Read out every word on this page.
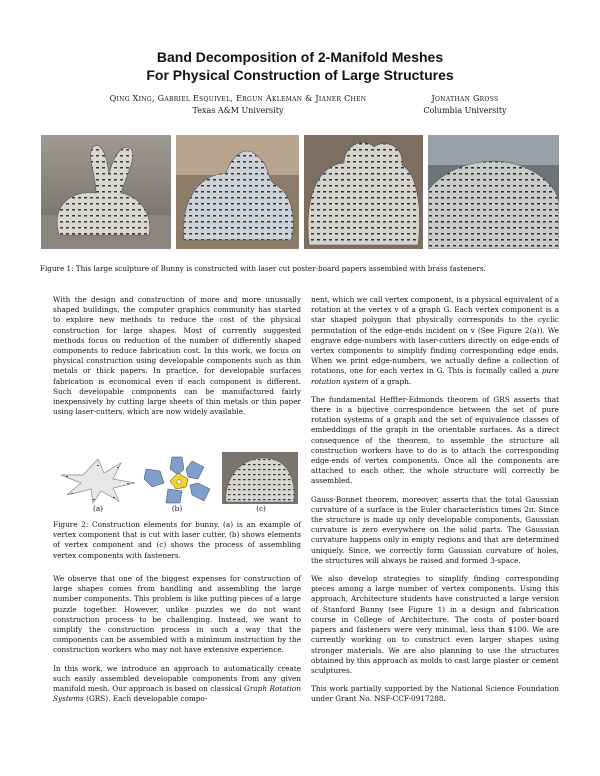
Band Decomposition of 2-Manifold Meshes
For Physical Construction of Large Structures
Qing Xing, Gabriel Esquivel, Ergun Akleman & Jianer Chen
Texas A&M University
Jonathan Gross
Columbia University
Figure 1: This large sculpture of Bunny is constructed with laser cut poster-board papers assembled with brass fasteners.

With the design and construction of more and more unusually shaped buildings, the computer graphics community has started to explore new methods to reduce the cost of the physical construction for large shapes. Most of currently suggested methods focus on reduction of the number of differently shaped components to reduce fabrication cost. In this work, we focus on physical construction using developable components such as thin metals or thick papers. In practice, for developable surfaces fabrication is economical even if each component is different. Such developable components can be manufactured fairly inexpensively by cutting large sheets of thin metals or thin paper using laser-cutters, which are now widely available.

(a)	(b)	(c)
Figure 2: Construction elements for bunny. (a) is an example of vertex component that is cut with laser cutter, (b) shows elements of vertex component and (c) shows the process of assembling vertex components with fasteners.

We observe that one of the biggest expenses for construction of large shapes comes from handling and assembling the large number components. This problem is like putting pieces of a large puzzle together. However, unlike puzzles we do not want construction process to be challenging. Instead, we want to simplify the construction process in such a way that the components can be assembled with a minimum instruction by the construction workers who may not have extensive experience.

In this work, we introduce an approach to automatically create such easily assembled developable components from any given manifold mesh. Our approach is based on classical Graph Rotation Systems (GRS). Each developable compo-

nent, which we call vertex component, is a physical equivalent of a rotation at the vertex v of a graph G. Each vertex component is a star shaped polygon that physically corresponds to the cyclic permutation of the edge-ends incident on v (See Figure 2(a)). We engrave edge-numbers with laser-cutters directly on edge-ends of vertex components to simplify finding corresponding edge ends. When we print edge-numbers, we actually define a collection of rotations, one for each vertex in G. This is formally called a pure rotation system of a graph.

The fundamental Heffter-Edmonds theorem of GRS asserts that there is a bijective correspondence between the set of pure rotation systems of a graph and the set of equivalence classes of embeddings of the graph in the orientable surfaces. As a direct consequence of the theorem, to assemble the structure all construction workers have to do is to attach the corresponding edge-ends of vertex components. Once all the components are attached to each other, the whole structure will correctly be assembled.

Gauss-Bonnet theorem, moreover, asserts that the total Gaussian curvature of a surface is the Euler characteristics times 2π. Since the structure is made up only developable components, Gaussian curvature is zero everywhere on the solid parts. The Gaussian curvature happens only in empty regions and that are determined uniquely. Since, we correctly form Gaussian curvature of holes, the structures will always be raised and formed 3-space.

We also develop strategies to simplify finding corresponding pieces among a large number of vertex components. Using this approach, Architecture students have constructed a large version of Stanford Bunny (see Figure 1) in a design and fabrication course in College of Architecture. The costs of poster-board papers and fasteners were very minimal, less than $100. We are currently working on to construct even larger shapes using stronger materials. We are also planning to use the structures obtained by this approach as molds to cast large plaster or cement sculptures.

This work partially supported by the National Science Foundation under Grant No. NSF-CCF-0917288.
